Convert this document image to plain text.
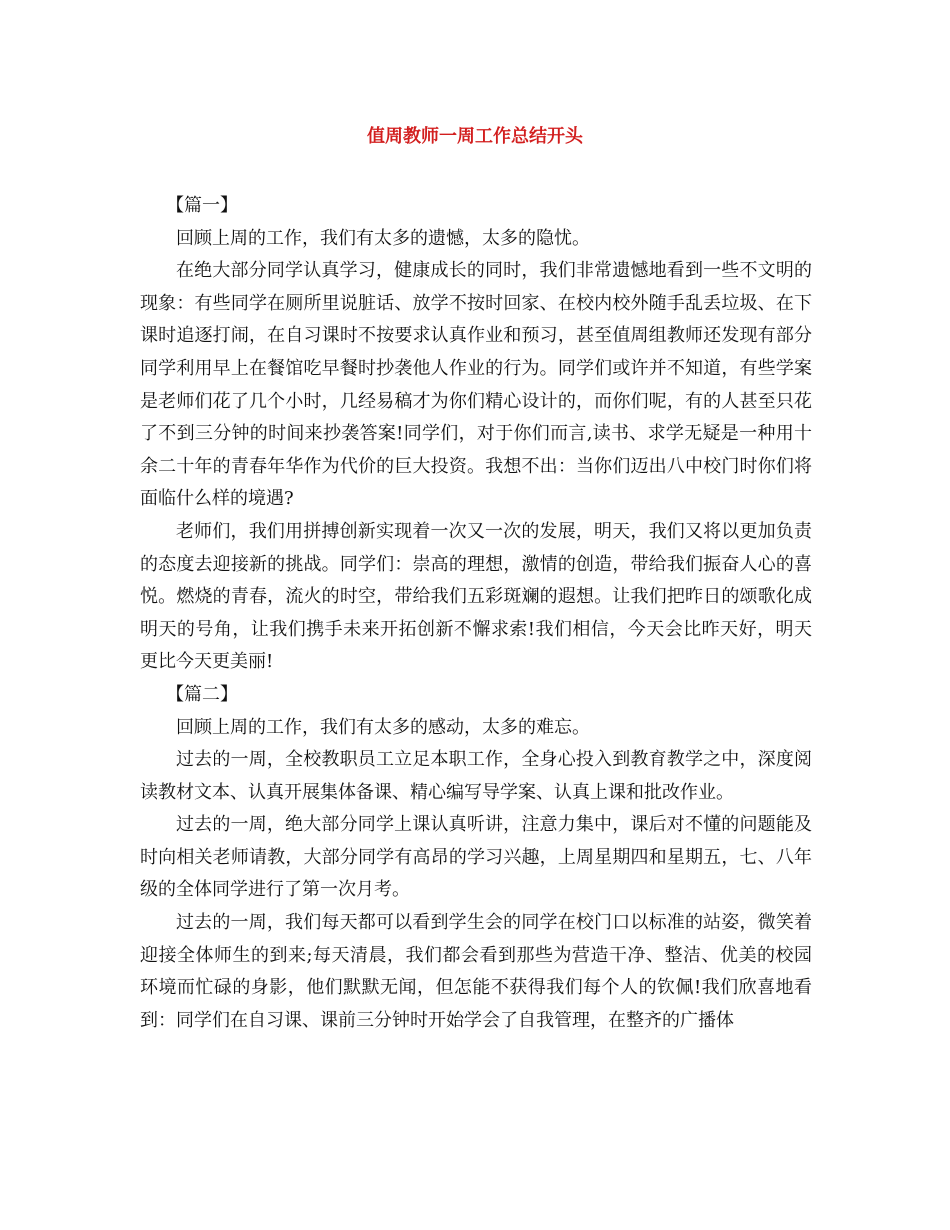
值周教师一周工作总结开头
【篇一】

回顾上周的工作，我们有太多的遗憾，太多的隐忧。

在绝大部分同学认真学习，健康成长的同时，我们非常遗憾地看到一些不文明的现象：有些同学在厕所里说脏话、放学不按时回家、在校内校外随手乱丢垃圾、在下课时追逐打闹，在自习课时不按要求认真作业和预习，甚至值周组教师还发现有部分同学利用早上在餐馆吃早餐时抄袭他人作业的行为。同学们或许并不知道，有些学案是老师们花了几个小时，几经易稿才为你们精心设计的，而你们呢，有的人甚至只花了不到三分钟的时间来抄袭答案!同学们，对于你们而言,读书、求学无疑是一种用十余二十年的青春年华作为代价的巨大投资。我想不出：当你们迈出八中校门时你们将面临什么样的境遇?

老师们，我们用拼搏创新实现着一次又一次的发展，明天，我们又将以更加负责的态度去迎接新的挑战。同学们：崇高的理想，激情的创造，带给我们振奋人心的喜悦。燃烧的青春，流火的时空，带给我们五彩斑斓的遐想。让我们把昨日的颂歌化成明天的号角，让我们携手未来开拓创新不懈求索!我们相信，今天会比昨天好，明天更比今天更美丽!

【篇二】

回顾上周的工作，我们有太多的感动，太多的难忘。

过去的一周，全校教职员工立足本职工作，全身心投入到教育教学之中，深度阅读教材文本、认真开展集体备课、精心编写导学案、认真上课和批改作业。

过去的一周，绝大部分同学上课认真听讲，注意力集中，课后对不懂的问题能及时向相关老师请教，大部分同学有高昂的学习兴趣，上周星期四和星期五，七、八年级的全体同学进行了第一次月考。

过去的一周，我们每天都可以看到学生会的同学在校门口以标准的站姿，微笑着迎接全体师生的到来;每天清晨，我们都会看到那些为营造干净、整洁、优美的校园环境而忙碌的身影，他们默默无闻，但怎能不获得我们每个人的钦佩!我们欣喜地看到：同学们在自习课、课前三分钟时开始学会了自我管理，在整齐的广播体
